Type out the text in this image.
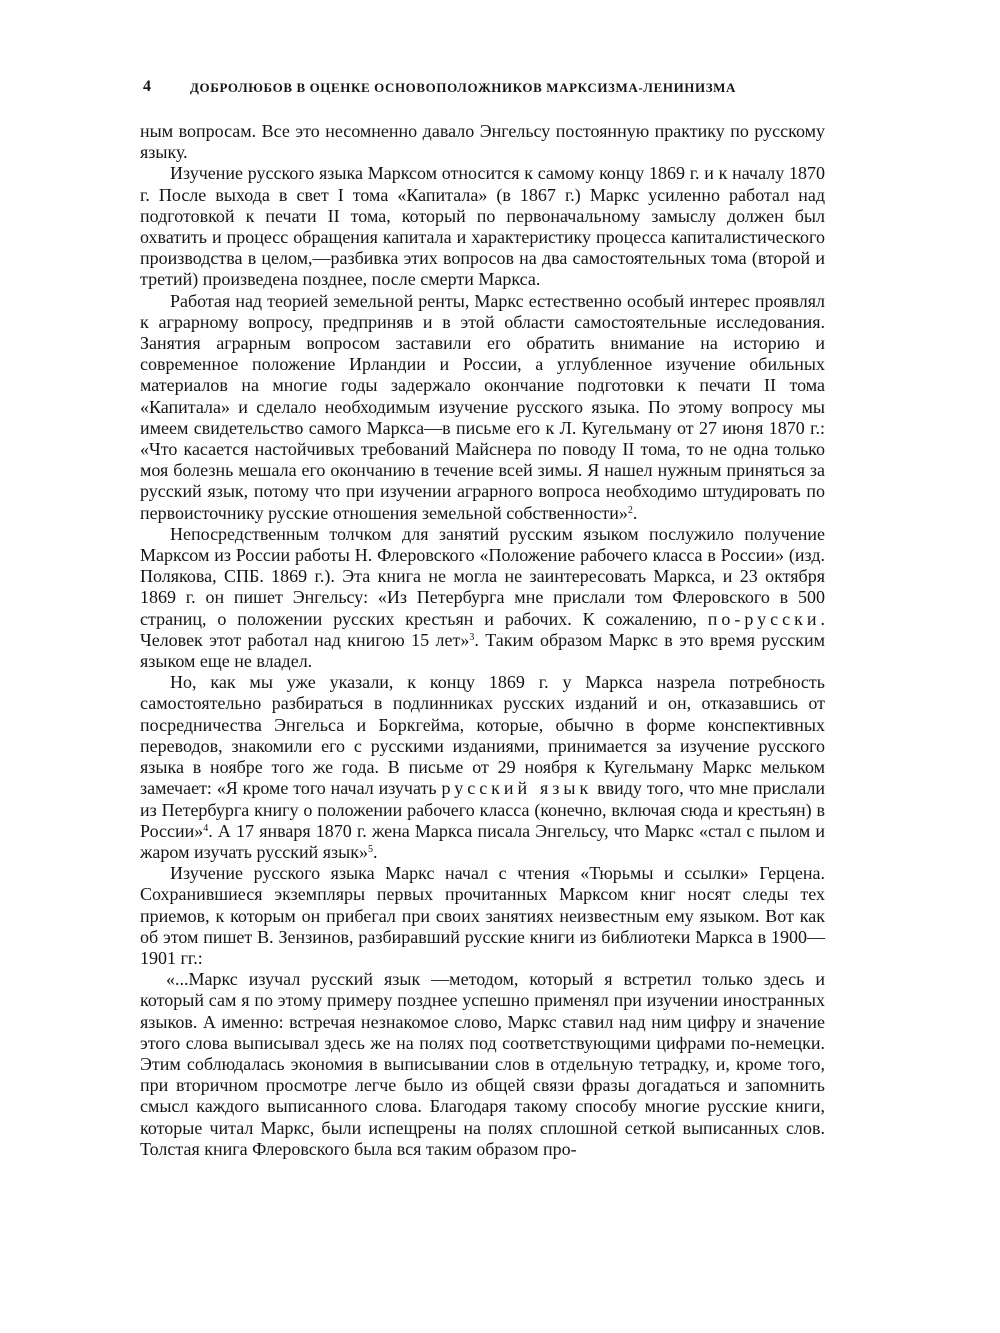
4	ДОБРОЛЮБОВ В ОЦЕНКЕ ОСНОВОПОЛОЖНИКОВ МАРКСИЗМА-ЛЕНИНИЗМА

ным вопросам. Все это несомненно давало Энгельсу постоянную практику по русскому языку.

Изучение русского языка Марксом относится к самому концу 1869 г. и к началу 1870 г. После выхода в свет I тома «Капитала» (в 1867 г.) Маркс усиленно работал над подготовкой к печати II тома, который по первоначальному замыслу должен был охватить и процесс обращения капитала и характеристику процесса капиталистического производства в целом,—разбивка этих вопросов на два самостоятельных тома (второй и третий) произведена позднее, после смерти Маркса.

Работая над теорией земельной ренты, Маркс естественно особый интерес проявлял к аграрному вопросу, предприняв и в этой области самостоятельные исследования. Занятия аграрным вопросом заставили его обратить внимание на историю и современное положение Ирландии и России, а углубленное изучение обильных материалов на многие годы задержало окончание подготовки к печати II тома «Капитала» и сделало необходимым изучение русского языка. По этому вопросу мы имеем свидетельство самого Маркса—в письме его к Л. Кугельману от 27 июня 1870 г.: «Что касается настойчивых требований Майснера по поводу II тома, то не одна только моя болезнь мешала его окончанию в течение всей зимы. Я нашел нужным приняться за русский язык, потому что при изучении аграрного вопроса необходимо штудировать по первоисточнику русские отношения земельной собственности»$^2$.

Непосредственным толчком для занятий русским языком послужило получение Марксом из России работы Н. Флеровского «Положение рабочего класса в России» (изд. Полякова, СПБ. 1869 г.). Эта книга не могла не заинтересовать Маркса, и 23 октября 1869 г. он пишет Энгельсу: «Из Петербурга мне прислали том Флеровского в 500 страниц, о положении русских крестьян и рабочих. К сожалению, по-русски. Человек этот работал над книгою 15 лет»$^3$. Таким образом Маркс в это время русским языком еще не владел.

Но, как мы уже указали, к концу 1869 г. у Маркса назрела потребность самостоятельно разбираться в подлинниках русских изданий и он, отказавшись от посредничества Энгельса и Боркгейма, которые, обычно в форме конспективных переводов, знакомили его с русскими изданиями, принимается за изучение русского языка в ноябре того же года. В письме от 29 ноября к Кугельману Маркс мельком замечает: «Я кроме того начал изучать русский язык ввиду того, что мне прислали из Петербурга книгу о положении рабочего класса (конечно, включая сюда и крестьян) в России»$^4$. А 17 января 1870 г. жена Маркса писала Энгельсу, что Маркс «стал с пылом и жаром изучать русский язык»$^5$.

Изучение русского языка Маркс начал с чтения «Тюрьмы и ссылки» Герцена. Сохранившиеся экземпляры первых прочитанных Марксом книг носят следы тех приемов, к которым он прибегал при своих занятиях неизвестным ему языком. Вот как об этом пишет В. Зензинов, разбиравший русские книги из библиотеки Маркса в 1900—1901 гг.:

«...Маркс изучал русский язык —методом, который я встретил только здесь и который сам я по этому примеру позднее успешно применял при изучении иностранных языков. А именно: встречая незнакомое слово, Маркс ставил над ним цифру и значение этого слова выписывал здесь же на полях под соответствующими цифрами по-немецки. Этим соблюдалась экономия в выписывании слов в отдельную тетрадку, и, кроме того, при вторичном просмотре легче было из общей связи фразы догадаться и запомнить смысл каждого выписанного слова. Благодаря такому способу многие русские книги, которые читал Маркс, были испещрены на полях сплошной сеткой выписанных слов. Толстая книга Флеровского была вся таким образом про-
